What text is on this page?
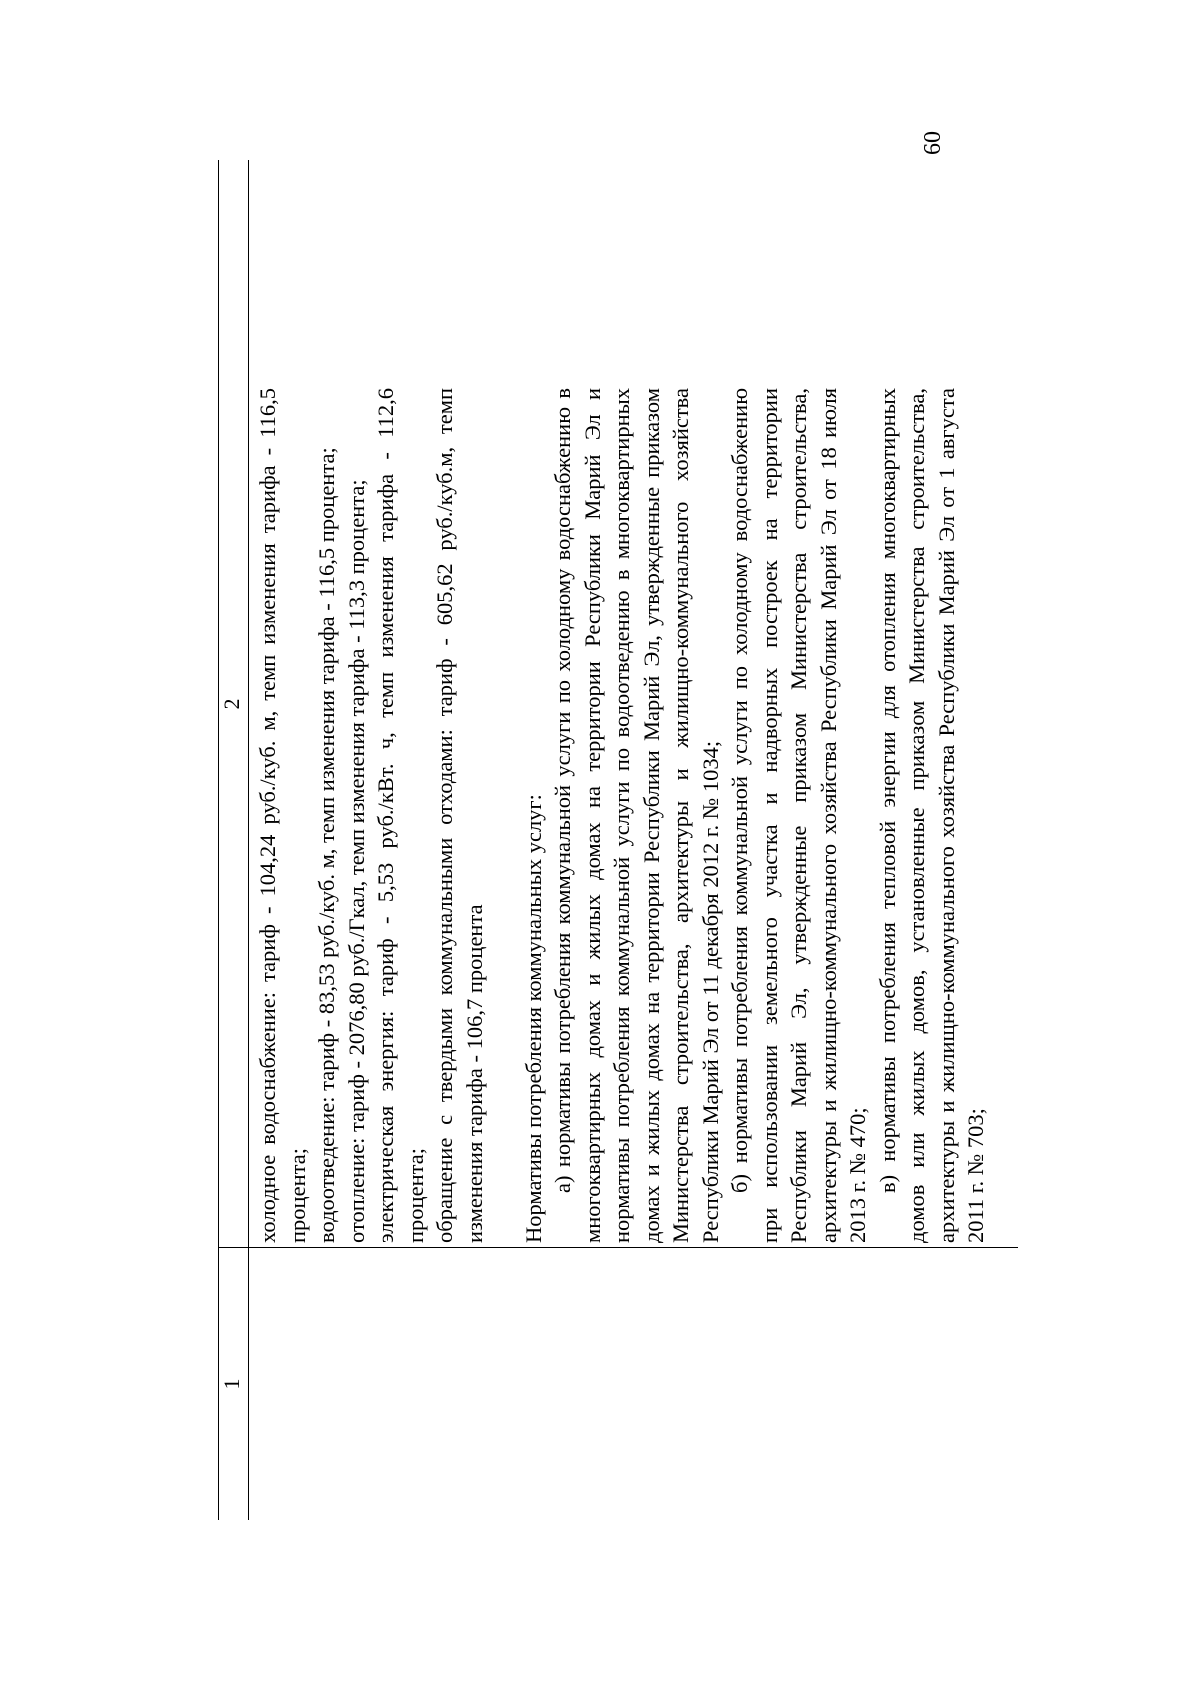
60
1
2 холодное водоснабжение: тариф - 104,24 руб./куб. м, темп изменения тарифа - 116,5 процента; водоотведение: тариф - 83,53 руб./куб. м, темп изменения тарифа - 116,5 процента; отопление: тариф - 2076,80 руб./Гкал, темп изменения тарифа - 113,3 процента; электрическая энергия: тариф - 5,53 руб./кВт. ч, темп изменения тарифа - 112,6 процента; обращение с твердыми коммунальными отходами: тариф - 605,62 руб./куб.м, темп изменения тарифа - 106,7 процента Нормативы потребления коммунальных услуг: а) нормативы потребления коммунальной услуги по холодному водоснабжению в многоквартирных домах и жилых домах на территории Республики Марий Эл и нормативы потребления коммунальной услуги по водоотведению в многоквартирных домах и жилых домах на территории Республики Марий Эл, утвержденные приказом Министерства строительства, архитектуры и жилищно-коммунального хозяйства Республики Марий Эл от 11 декабря 2012 г. № 1034; б) нормативы потребления коммунальной услуги по холодному водоснабжению при использовании земельного участка и надворных построек на территории Республики Марий Эл, утвержденные приказом Министерства строительства, архитектуры и жилищно-коммунального хозяйства Республики Марий Эл от 18 июля 2013 г. № 470; в) нормативы потребления тепловой энергии для отопления многоквартирных домов или жилых домов, установленные приказом Министерства строительства, архитектуры и жилищно-коммунального хозяйства Республики Марий Эл от 1 августа 2011 г. № 703;
